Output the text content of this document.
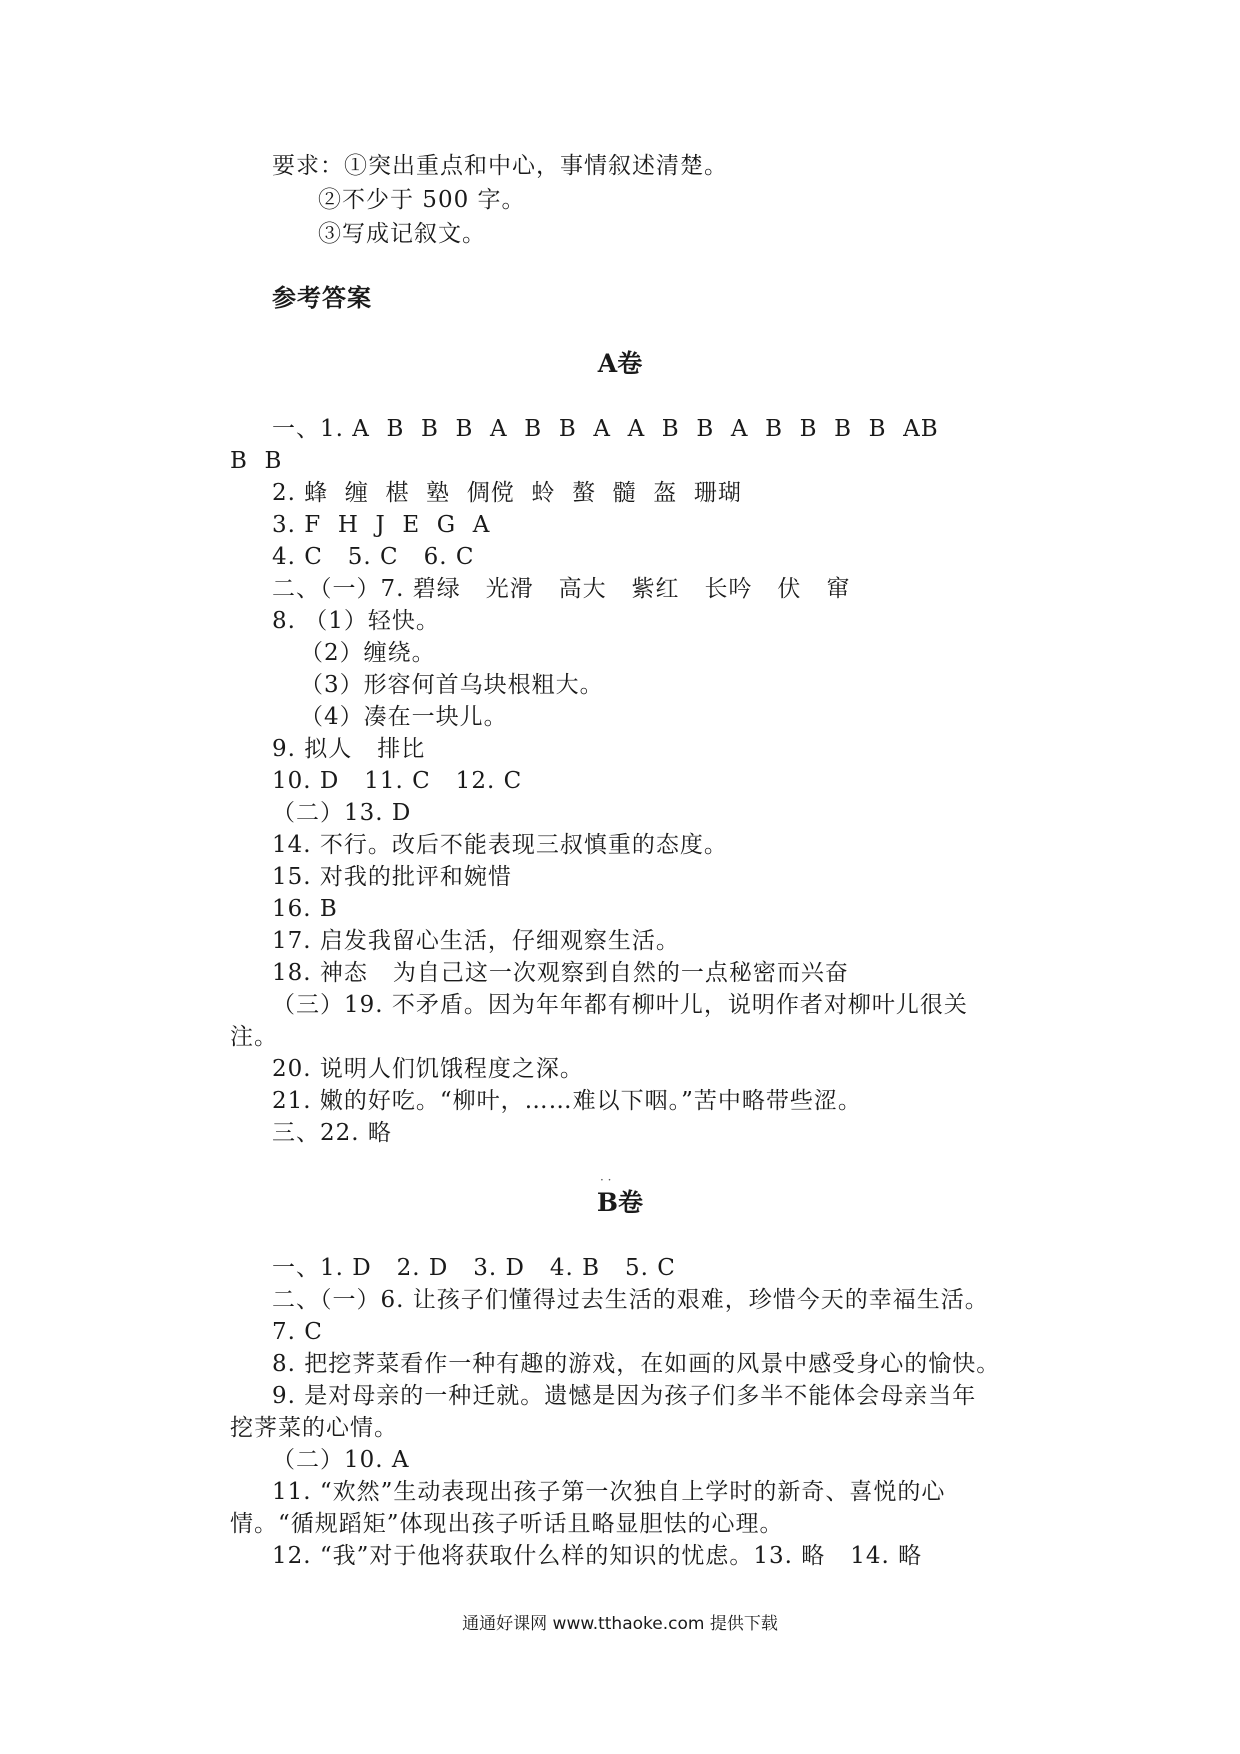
要求：①突出重点和中心，事情叙述清楚。
②不少于 500 字。
③写成记叙文。
参考答案
A卷
一、1. A  B  B  B  A  B  B  A  A  B  B  A  B  B  B  B  AB
B  B
2. 蜂  缠  椹  塾  倜傥  蛉  螯  髓  盔  珊瑚
3. F  H  J  E  G  A
4. C   5. C   6. C
二、（一）7. 碧绿   光滑   高大   紫红   长吟   伏   窜
8. （1）轻快。
（2）缠绕。
（3）形容何首乌块根粗大。
（4）凑在一块儿。
9. 拟人   排比
10. D   11. C   12. C
（二）13. D
14. 不行。改后不能表现三叔慎重的态度。
15. 对我的批评和婉惜
16. B
17. 启发我留心生活，仔细观察生活。
18. 神态   为自己这一次观察到自然的一点秘密而兴奋
（三）19. 不矛盾。因为年年都有柳叶儿，说明作者对柳叶儿很关
注。
20. 说明人们饥饿程度之深。
21. 嫩的好吃。“柳叶，……难以下咽。”苦中略带些涩。
三、22. 略
· ·
B卷
一、1. D   2. D   3. D   4. B   5. C
二、（一）6. 让孩子们懂得过去生活的艰难，珍惜今天的幸福生活。
7. C
8. 把挖荠菜看作一种有趣的游戏，在如画的风景中感受身心的愉快。
9. 是对母亲的一种迁就。遗憾是因为孩子们多半不能体会母亲当年
挖荠菜的心情。
（二）10. A
11. “欢然”生动表现出孩子第一次独自上学时的新奇、喜悦的心
情。“循规蹈矩”体现出孩子听话且略显胆怯的心理。
12. “我”对于他将获取什么样的知识的忧虑。13. 略   14. 略
通通好课网 www.tthaoke.com 提供下载
